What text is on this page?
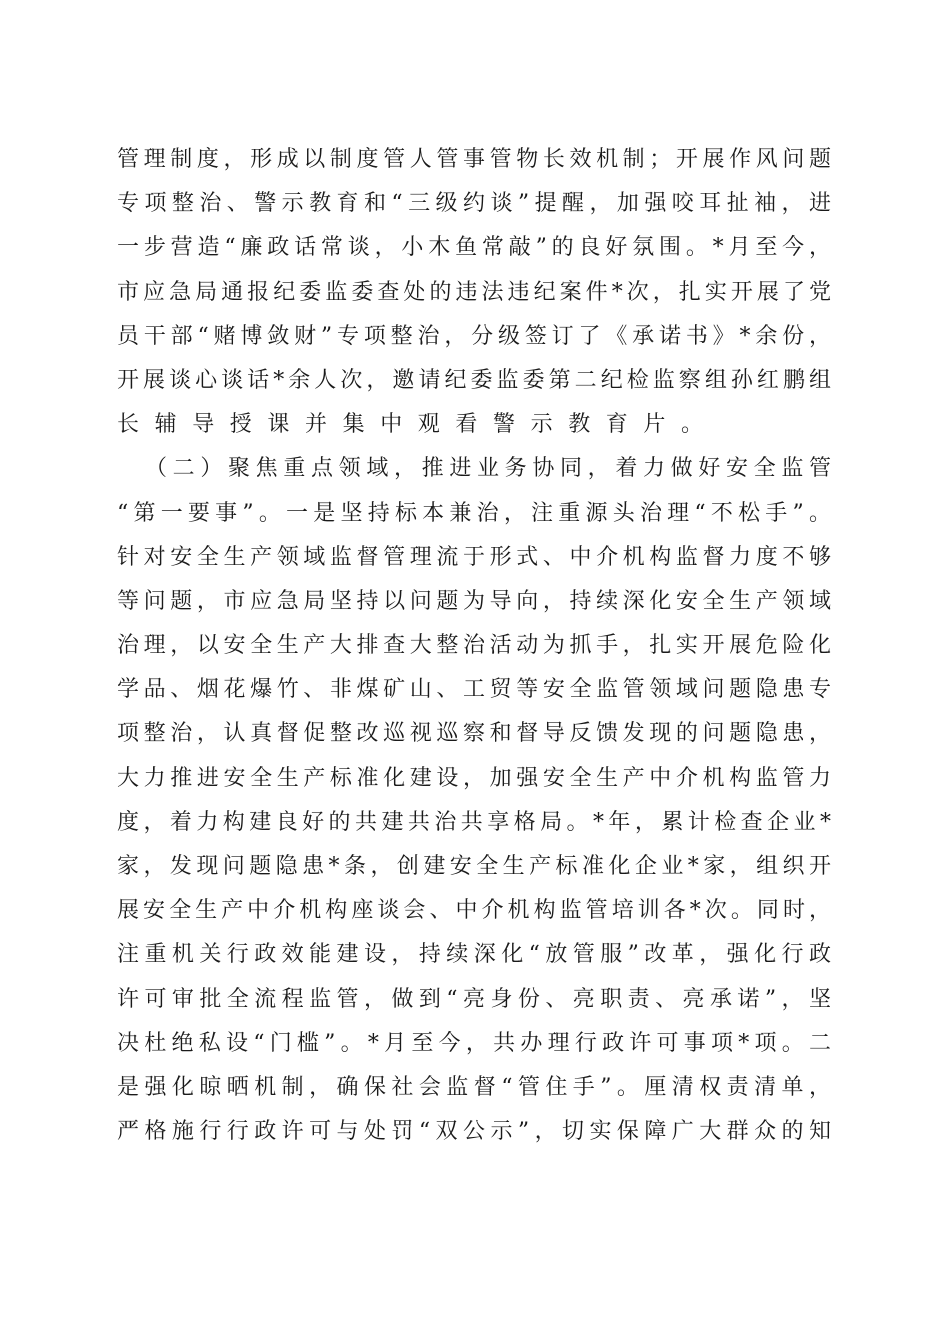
管理制度，形成以制度管人管事管物长效机制；开展作风问题
专项整治、警示教育和“三级约谈”提醒，加强咬耳扯袖，进
一步营造“廉政话常谈，小木鱼常敲”的良好氛围。*月至今，
市应急局通报纪委监委查处的违法违纪案件*次，扎实开展了党
员干部“赌博敛财”专项整治，分级签订了《承诺书》*余份，
开展谈心谈话*余人次，邀请纪委监委第二纪检监察组孙红鹏组
长辅导授课并集中观看警示教育片。
（二）聚焦重点领域，推进业务协同，着力做好安全监管
“第一要事”。一是坚持标本兼治，注重源头治理“不松手”。
针对安全生产领域监督管理流于形式、中介机构监督力度不够
等问题，市应急局坚持以问题为导向，持续深化安全生产领域
治理，以安全生产大排查大整治活动为抓手，扎实开展危险化
学品、烟花爆竹、非煤矿山、工贸等安全监管领域问题隐患专
项整治，认真督促整改巡视巡察和督导反馈发现的问题隐患，
大力推进安全生产标准化建设，加强安全生产中介机构监管力
度，着力构建良好的共建共治共享格局。*年，累计检查企业*
家，发现问题隐患*条，创建安全生产标准化企业*家，组织开
展安全生产中介机构座谈会、中介机构监管培训各*次。同时，
注重机关行政效能建设，持续深化“放管服”改革，强化行政
许可审批全流程监管，做到“亮身份、亮职责、亮承诺”，坚
决杜绝私设“门槛”。*月至今，共办理行政许可事项*项。二
是强化晾晒机制，确保社会监督“管住手”。厘清权责清单，
严格施行行政许可与处罚“双公示”，切实保障广大群众的知
